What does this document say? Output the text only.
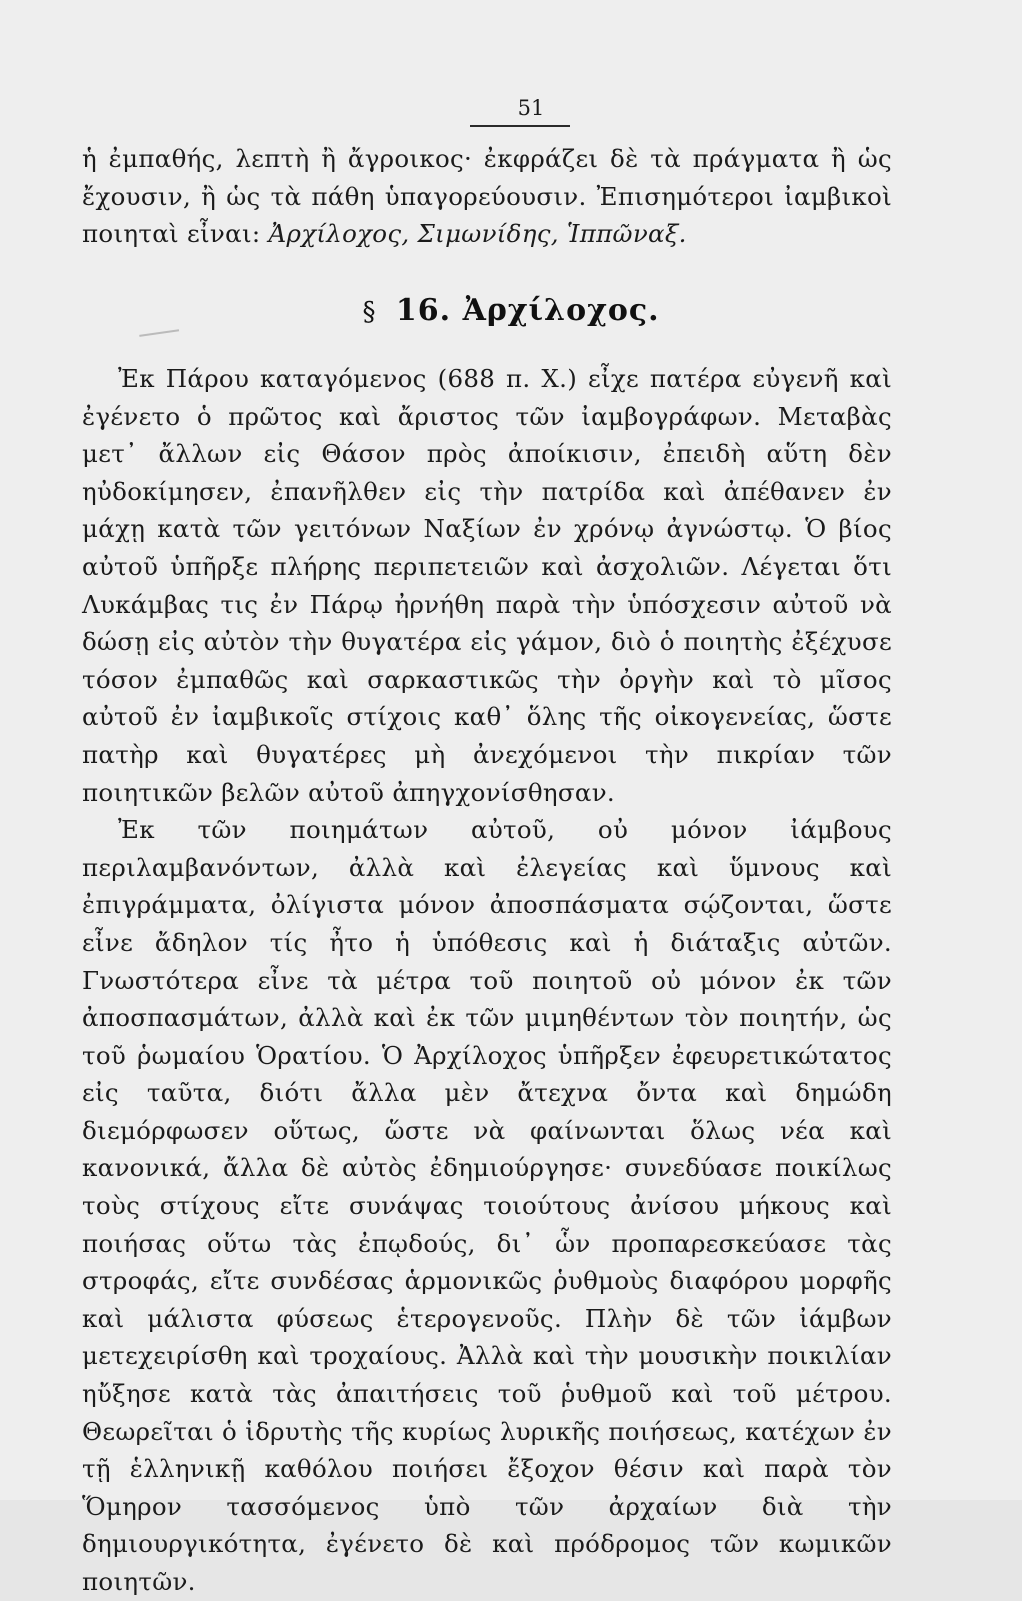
51
ἡ ἐμπαθής, λεπτὴ ἢ ἄγροικος· ἐκφράζει δὲ τὰ πράγματα ἢ ὡς ἔχουσιν, ἢ ὡς τὰ πάθη ὑπαγορεύουσιν. Ἐπισημότεροι ἰαμβικοὶ ποιηταὶ εἶναι: Ἀρχίλοχος, Σιμωνίδης, Ἱππῶναξ.
§ 16. Ἀρχίλοχος.

Ἐκ Πάρου καταγόμενος (688 π. Χ.) εἶχε πατέρα εὐγενῆ καὶ ἐγένετο ὁ πρῶτος καὶ ἄριστος τῶν ἰαμβογράφων. Μεταβὰς μετ᾽ ἄλλων εἰς Θάσον πρὸς ἀποίκισιν, ἐπειδὴ αὕτη δὲν ηὐδοκίμησεν, ἐπανῆλθεν εἰς τὴν πατρίδα καὶ ἀπέθανεν ἐν μάχῃ κατὰ τῶν γειτόνων Ναξίων ἐν χρόνῳ ἀγνώστῳ. Ὁ βίος αὐτοῦ ὑπῆρξε πλήρης περιπετειῶν καὶ ἀσχολιῶν. Λέγεται ὅτι Λυκάμβας τις ἐν Πάρῳ ἠρνήθη παρὰ τὴν ὑπόσχεσιν αὐτοῦ νὰ δώσῃ εἰς αὐτὸν τὴν θυγατέρα εἰς γάμον, διὸ ὁ ποιητὴς ἐξέχυσε τόσον ἐμπαθῶς καὶ σαρκαστικῶς τὴν ὀργὴν καὶ τὸ μῖσος αὐτοῦ ἐν ἰαμβικοῖς στίχοις καθ᾽ ὅλης τῆς οἰκογενείας, ὥστε πατὴρ καὶ θυγατέρες μὴ ἀνεχόμενοι τὴν πικρίαν τῶν ποιητικῶν βελῶν αὐτοῦ ἀπηγχονίσθησαν.

Ἐκ τῶν ποιημάτων αὐτοῦ, οὐ μόνον ἰάμβους περιλαμβανόντων, ἀλλὰ καὶ ἐλεγείας καὶ ὕμνους καὶ ἐπιγράμματα, ὀλίγιστα μόνον ἀποσπάσματα σῴζονται, ὥστε εἶνε ἄδηλον τίς ἦτο ἡ ὑπόθεσις καὶ ἡ διάταξις αὐτῶν. Γνωστότερα εἶνε τὰ μέτρα τοῦ ποιητοῦ οὐ μόνον ἐκ τῶν ἀποσπασμάτων, ἀλλὰ καὶ ἐκ τῶν μιμηθέντων τὸν ποιητήν, ὡς τοῦ ῥωμαίου Ὁρατίου. Ὁ Ἀρχίλοχος ὑπῆρξεν ἐφευρετικώτατος εἰς ταῦτα, διότι ἄλλα μὲν ἄτεχνα ὄντα καὶ δημώδη διεμόρφωσεν οὕτως, ὥστε νὰ φαίνωνται ὅλως νέα καὶ κανονικά, ἄλλα δὲ αὐτὸς ἐδημιούργησε· συνεδύασε ποικίλως τοὺς στίχους εἴτε συνάψας τοιούτους ἀνίσου μήκους καὶ ποιήσας οὕτω τὰς ἐπῳδούς, δι᾽ ὧν προπαρεσκεύασε τὰς στροφάς, εἴτε συνδέσας ἁρμονικῶς ῥυθμοὺς διαφόρου μορφῆς καὶ μάλιστα φύσεως ἑτερογενοῦς. Πλὴν δὲ τῶν ἰάμβων μετεχειρίσθη καὶ τροχαίους. Ἀλλὰ καὶ τὴν μουσικὴν ποικιλίαν ηὔξησε κατὰ τὰς ἀπαιτήσεις τοῦ ῥυθμοῦ καὶ τοῦ μέτρου. Θεωρεῖται ὁ ἱδρυτὴς τῆς κυρίως λυρικῆς ποιήσεως, κατέχων ἐν τῇ ἑλληνικῇ καθόλου ποιήσει ἔξοχον θέσιν καὶ παρὰ τὸν Ὅμηρον τασσόμενος ὑπὸ τῶν ἀρχαίων διὰ τὴν δημιουργικότητα, ἐγένετο δὲ καὶ πρόδρομος τῶν κωμικῶν ποιητῶν.
